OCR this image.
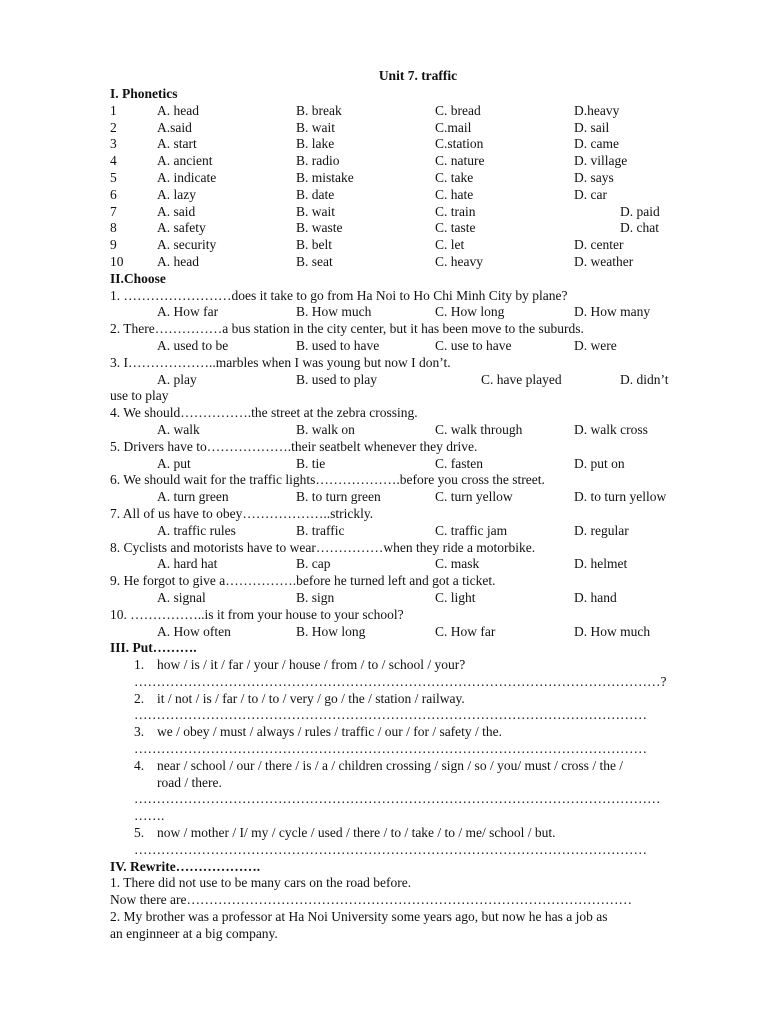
Unit 7. traffic
I. Phonetics
1	A. head	B. break	C. bread	D.heavy
2	A.said	B. wait	C.mail	D. sail
3	A. start	B. lake	C.station	D. came
4	A. ancient	B. radio	C. nature	D. village
5	A. indicate	B. mistake	C. take	D. says
6	A. lazy	B. date	C. hate	D. car
7	A. said	B. wait	C. train	D. paid
8	A. safety	B. waste	C. taste	D. chat
9	A. security	B. belt	C. let	D. center
10 A. head	B. seat	C. heavy	D. weather
II.Choose
1. ……………………does it take to go from Ha Noi to Ho Chi Minh City by plane?
A. How far	B. How much	C. How long	D. How many
2. There……………a bus station in the city center, but it has been move to the suburds.
A. used to be	B. used to have	C. use to have	D. were
3. I………………..marbles when I was young but now I don’t.
A. play	B. used to play	C. have played	D. didn’t
use to play
4. We should…………….the street at the zebra crossing.
A. walk	B. walk on	C. walk through	D. walk cross
5. Drivers have to……………….their seatbelt whenever they drive.
A. put	B. tie	C. fasten	D. put on
6. We should wait for the traffic lights……………….before you cross the street.
A. turn green	B. to turn green	C. turn yellow	D. to turn yellow
7. All of us have to obey………………..strickly.
A. traffic rules	B. traffic	C. traffic jam	D. regular
8. Cyclists and motorists have to wear……………when they ride a motorbike.
A. hard hat	B. cap	C. mask	D. helmet
9. He forgot to give a…………….before he turned left and got a ticket.
A. signal	B. sign	C. light	D. hand
10. ……………..is it from your house to your school?
A. How often	B. How long	C. How far	D. How much
III. Put……….
1. how / is / it / far / your / house / from / to / school / your?
………………………………………………………………………………………………………?
2. it / not / is / far / to / to / very / go / the / station / railway.
……………………………………………………………………………………………………
3. we / obey / must / always / rules / traffic / our / for / safety / the.
……………………………………………………………………………………………………
4. near / school / our / there / is / a / children crossing / sign / so / you/ must / cross / the /
road / there.
………………………………………………………………………………………………………
…….
5. now / mother / I/ my / cycle / used / there / to / take / to / me/ school / but.
……………………………………………………………………………………………………
IV. Rewrite……………….
1. There did not use to be many cars on the road before.
Now there are………………………………………………………………………………………
2. My brother was a professor at Ha Noi University some years ago, but now he has a job as
an enginneer at a big company.
